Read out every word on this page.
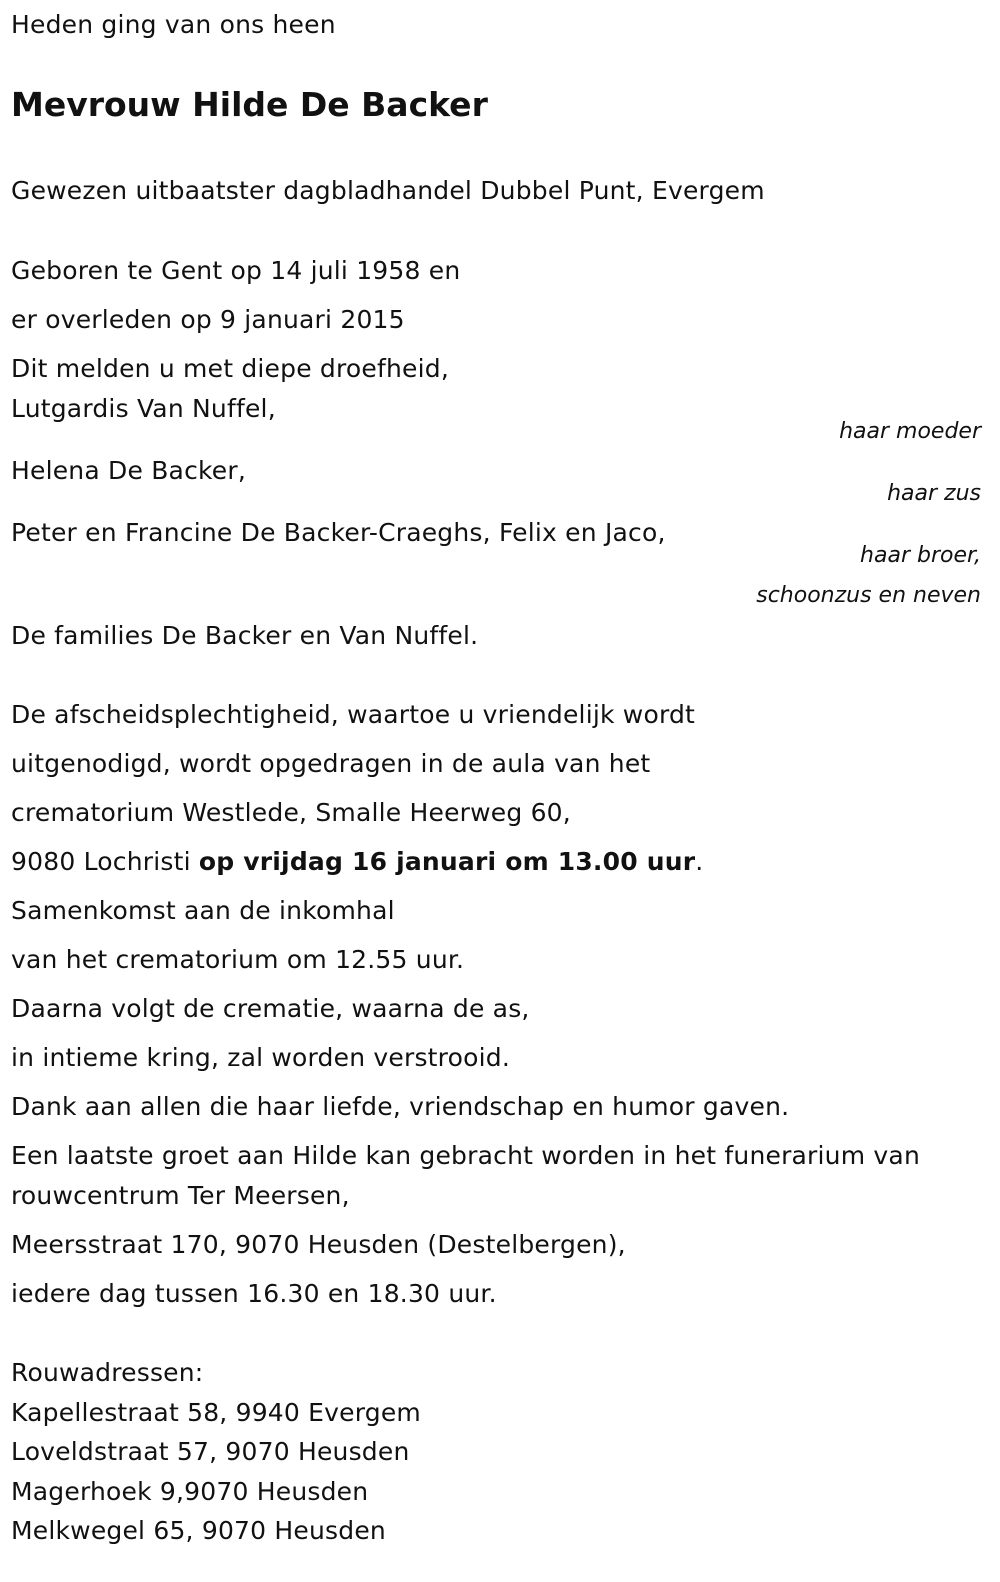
Heden ging van ons heen
Mevrouw Hilde De Backer
Gewezen uitbaatster dagbladhandel Dubbel Punt, Evergem
Geboren te Gent op 14 juli 1958 en
er overleden op 9 januari 2015
Dit melden u met diepe droefheid,
Lutgardis Van Nuffel,
haar moeder
Helena De Backer,
haar zus
Peter en Francine De Backer-Craeghs, Felix en Jaco,
haar broer,
schoonzus en neven
De families De Backer en Van Nuffel.
De afscheidsplechtigheid, waartoe u vriendelijk wordt
uitgenodigd, wordt opgedragen in de aula van het
crematorium Westlede, Smalle Heerweg 60,
9080 Lochristi op vrijdag 16 januari om 13.00 uur.
Samenkomst aan de inkomhal
van het crematorium om 12.55 uur.
Daarna volgt de crematie, waarna de as,
in intieme kring, zal worden verstrooid.
Dank aan allen die haar liefde, vriendschap en humor gaven.
Een laatste groet aan Hilde kan gebracht worden in het funerarium van
rouwcentrum Ter Meersen,
Meersstraat 170, 9070 Heusden (Destelbergen),
iedere dag tussen 16.30 en 18.30 uur.
Rouwadressen:
Kapellestraat 58, 9940 Evergem
Loveldstraat 57, 9070 Heusden
Magerhoek 9,9070 Heusden
Melkwegel 65, 9070 Heusden
